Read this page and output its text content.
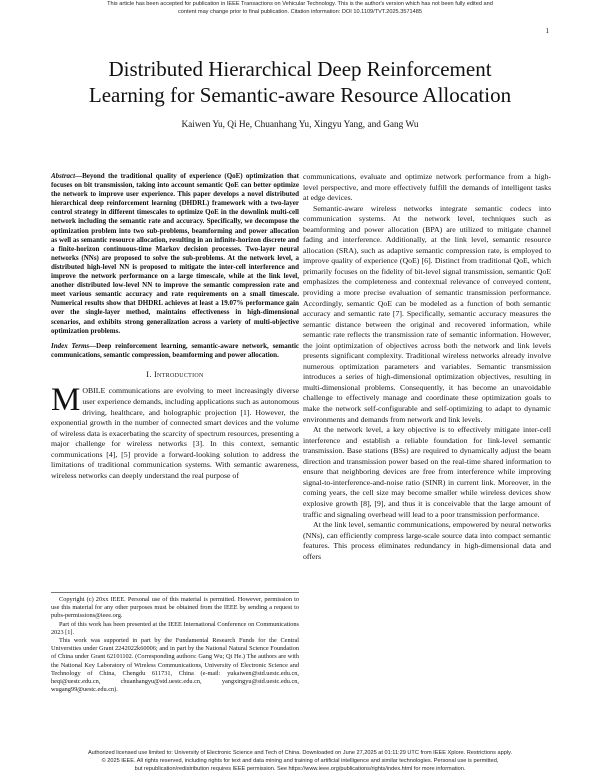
This article has been accepted for publication in IEEE Transactions on Vehicular Technology. This is the author's version which has not been fully edited and
content may change prior to final publication. Citation information: DOI 10.1109/TVT.2025.3571485
1
Distributed Hierarchical Deep Reinforcement
Learning for Semantic-aware Resource Allocation
Kaiwen Yu, Qi He, Chuanhang Yu, Xingyu Yang, and Gang Wu

Abstract—Beyond the traditional quality of experience (QoE) optimization that focuses on bit transmission, taking into account semantic QoE can better optimize the network to improve user experience. This paper develops a novel distributed hierarchical deep reinforcement learning (DHDRL) framework with a two-layer control strategy in different timescales to optimize QoE in the downlink multi-cell network including the semantic rate and accuracy. Specifically, we decompose the optimization problem into two sub-problems, beamforming and power allocation as well as semantic resource allocation, resulting in an infinite-horizon discrete and a finite-horizon continuous-time Markov decision processes. Two-layer neural networks (NNs) are proposed to solve the sub-problems. At the network level, a distributed high-level NN is proposed to mitigate the inter-cell interference and improve the network performance on a large timescale, while at the link level, another distributed low-level NN to improve the semantic compression rate and meet various semantic accuracy and rate requirements on a small timescale. Numerical results show that DHDRL achieves at least a 19.07% performance gain over the single-layer method, maintains effectiveness in high-dimensional scenarios, and exhibits strong generalization across a variety of multi-objective optimization problems.

Index Terms—Deep reinforcement learning, semantic-aware network, semantic communications, semantic compression, beamforming and power allocation.

I. Introduction

MOBILE communications are evolving to meet increasingly diverse user experience demands, including applications such as autonomous driving, healthcare, and holographic projection [1]. However, the exponential growth in the number of connected smart devices and the volume of wireless data is exacerbating the scarcity of spectrum resources, presenting a major challenge for wireless networks [3]. In this context, semantic communications [4], [5] provide a forward-looking solution to address the limitations of traditional communication systems. With semantic awareness, wireless networks can deeply understand the real purpose of

Copyright (c) 20xx IEEE. Personal use of this material is permitted. However, permission to use this material for any other purposes must be obtained from the IEEE by sending a request to pubs-permissions@ieee.org.

Part of this work has been presented at the IEEE International Conference on Communications 2023 [1].

This work was supported in part by the Fundamental Research Funds for the Central Universities under Grant 2242022k60006; and in part by the National Natural Science Foundation of China under Grant 62101102. (Corresponding authors: Gang Wu; Qi He.) The authors are with the National Key Laboratory of Wireless Communications, University of Electronic Science and Technology of China, Chengdu 611731, China (e-mail: yukaiwen@std.uestc.edu.cn, heqi@uestc.edu.cn, chuanhangyu@std.uestc.edu.cn, yangxingyu@std.uestc.edu.cn, wugang99@uestc.edu.cn).

communications, evaluate and optimize network performance from a high-level perspective, and more effectively fulfill the demands of intelligent tasks at edge devices.

Semantic-aware wireless networks integrate semantic codecs into communication systems. At the network level, techniques such as beamforming and power allocation (BPA) are utilized to mitigate channel fading and interference. Additionally, at the link level, semantic resource allocation (SRA), such as adaptive semantic compression rate, is employed to improve quality of experience (QoE) [6]. Distinct from traditional QoE, which primarily focuses on the fidelity of bit-level signal transmission, semantic QoE emphasizes the completeness and contextual relevance of conveyed content, providing a more precise evaluation of semantic transmission performance. Accordingly, semantic QoE can be modeled as a function of both semantic accuracy and semantic rate [7]. Specifically, semantic accuracy measures the semantic distance between the original and recovered information, while semantic rate reflects the transmission rate of semantic information. However, the joint optimization of objectives across both the network and link levels presents significant complexity. Traditional wireless networks already involve numerous optimization parameters and variables. Semantic transmission introduces a series of high-dimensional optimization objectives, resulting in multi-dimensional problems. Consequently, it has become an unavoidable challenge to effectively manage and coordinate these optimization goals to make the network self-configurable and self-optimizing to adapt to dynamic environments and demands from network and link levels.

At the network level, a key objective is to effectively mitigate inter-cell interference and establish a reliable foundation for link-level semantic transmission. Base stations (BSs) are required to dynamically adjust the beam direction and transmission power based on the real-time shared information to ensure that neighboring devices are free from interference while improving signal-to-interference-and-noise ratio (SINR) in current link. Moreover, in the coming years, the cell size may become smaller while wireless devices show explosive growth [8], [9], and thus it is conceivable that the large amount of traffic and signaling overhead will lead to a poor transmission performance.

At the link level, semantic communications, empowered by neural networks (NNs), can efficiently compress large-scale source data into compact semantic features. This process eliminates redundancy in high-dimensional data and offers

Authorized licensed use limited to: University of Electronic Science and Tech of China. Downloaded on June 27,2025 at 01:11:29 UTC from IEEE Xplore. Restrictions apply.
© 2025 IEEE. All rights reserved, including rights for text and data mining and training of artificial intelligence and similar technologies. Personal use is permitted,
but republication/redistribution requires IEEE permission. See https://www.ieee.org/publications/rights/index.html for more information.
